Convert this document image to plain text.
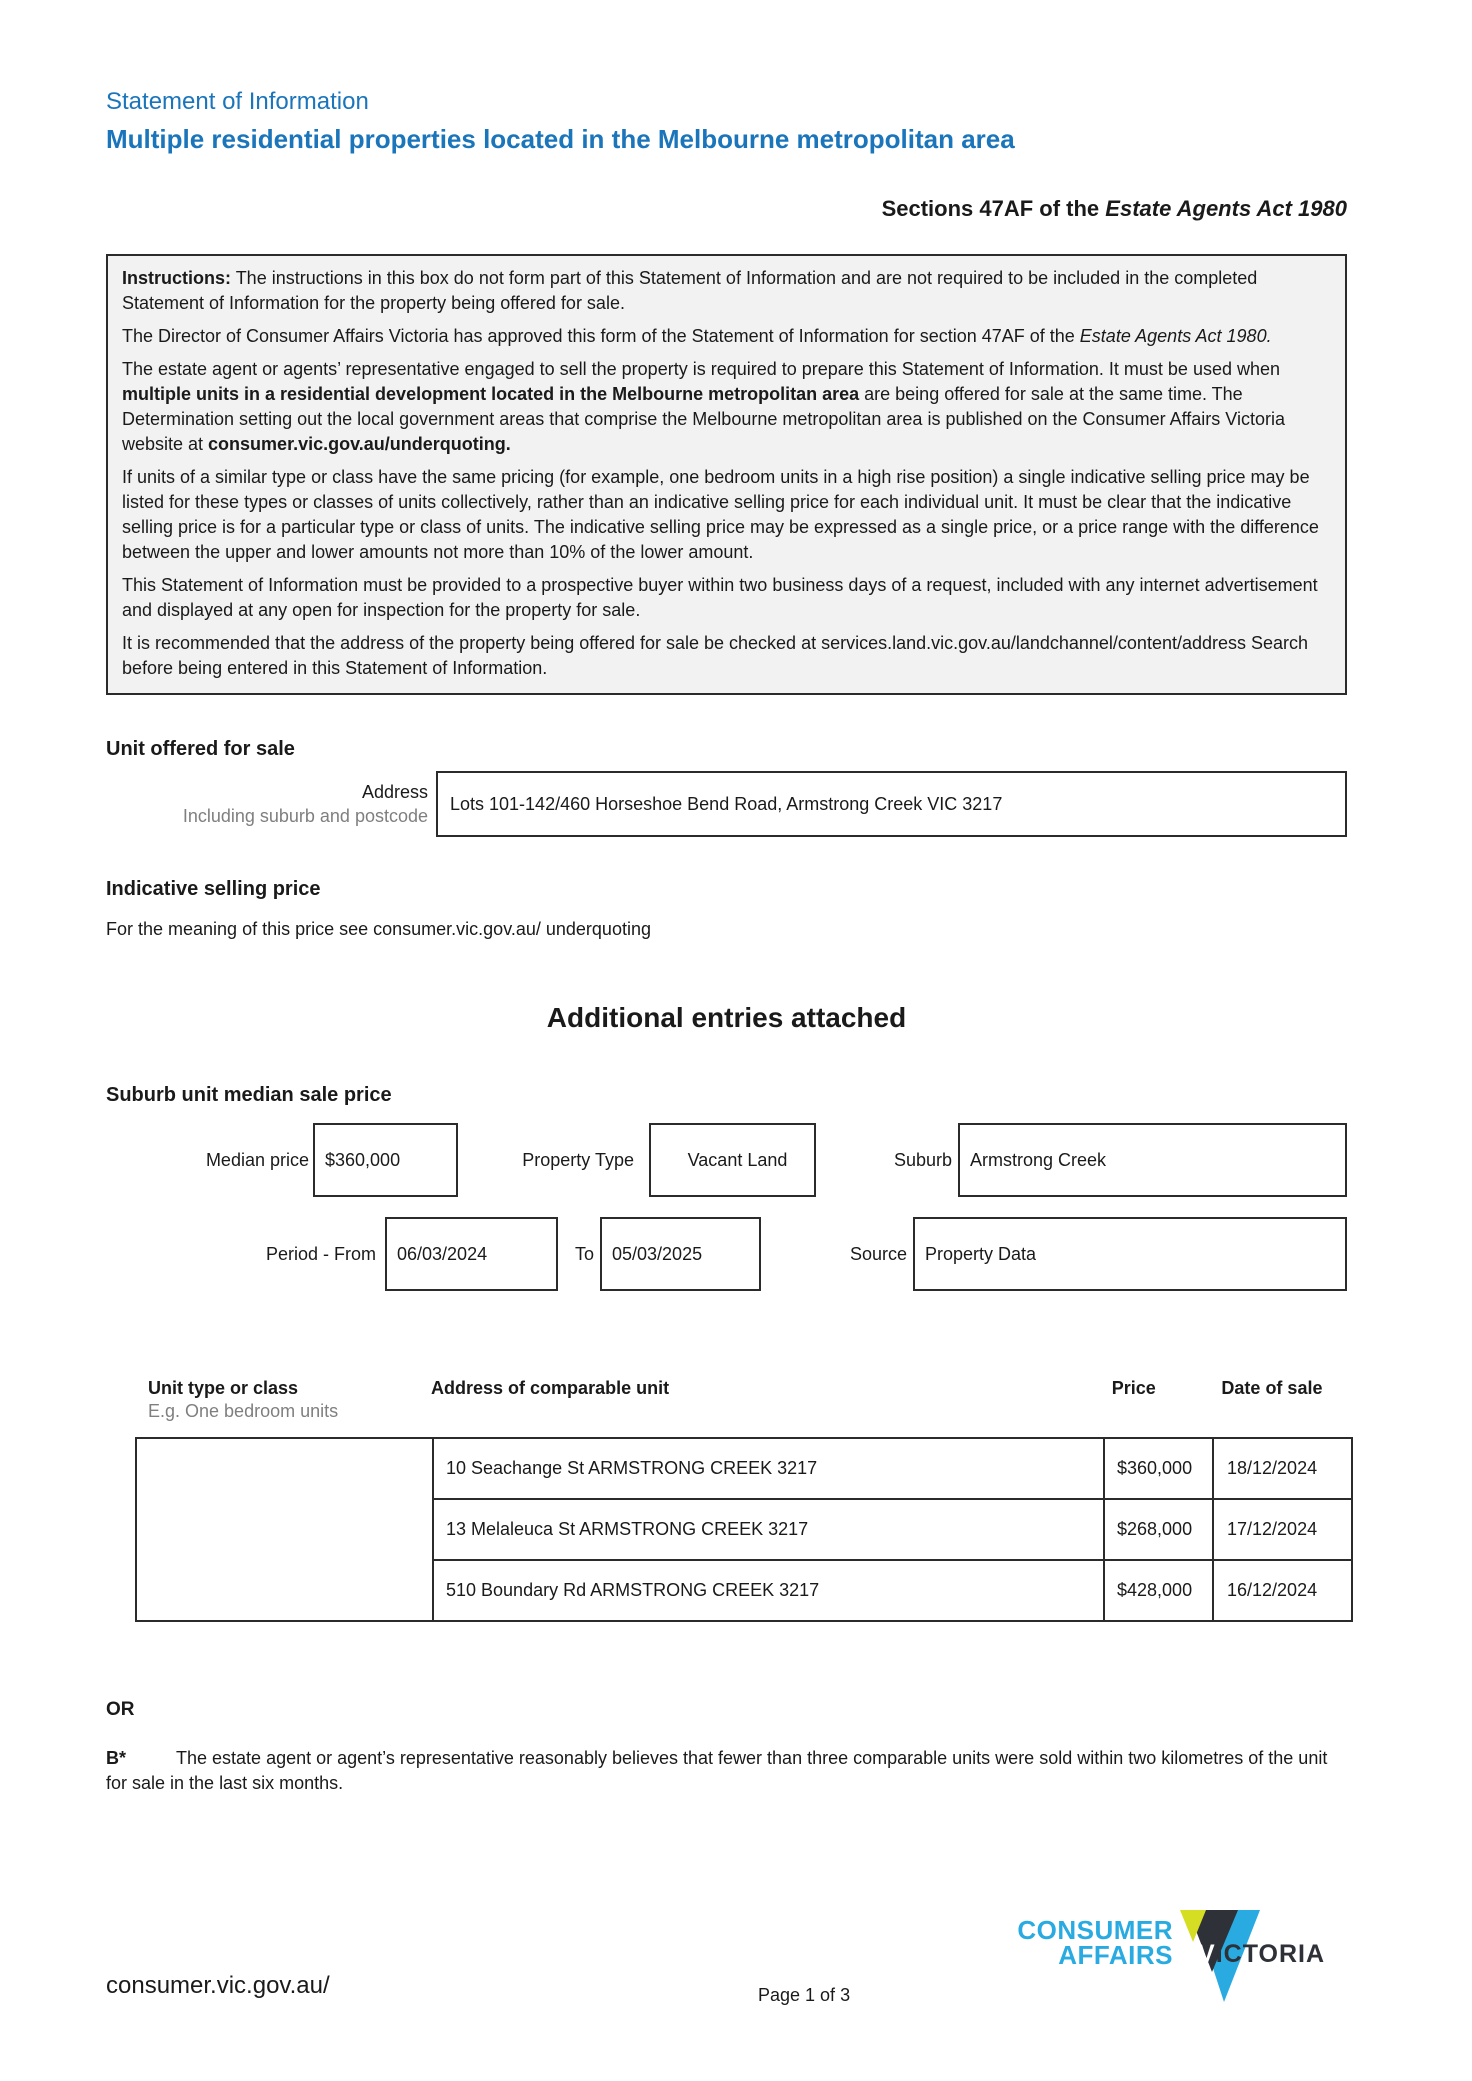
Statement of Information

Multiple residential properties located in the Melbourne metropolitan area
Sections 47AF of the Estate Agents Act 1980

Instructions: The instructions in this box do not form part of this Statement of Information and are not required to be included in the completed Statement of Information for the property being offered for sale.

The Director of Consumer Affairs Victoria has approved this form of the Statement of Information for section 47AF of the Estate Agents Act 1980.

The estate agent or agents’ representative engaged to sell the property is required to prepare this Statement of Information. It must be used when multiple units in a residential development located in the Melbourne metropolitan area are being offered for sale at the same time. The Determination setting out the local government areas that comprise the Melbourne metropolitan area is published on the Consumer Affairs Victoria website at consumer.vic.gov.au/underquoting.

If units of a similar type or class have the same pricing (for example, one bedroom units in a high rise position) a single indicative selling price may be listed for these types or classes of units collectively, rather than an indicative selling price for each individual unit. It must be clear that the indicative selling price is for a particular type or class of units. The indicative selling price may be expressed as a single price, or a price range with the difference between the upper and lower amounts not more than 10% of the lower amount.

This Statement of Information must be provided to a prospective buyer within two business days of a request, included with any internet advertisement and displayed at any open for inspection for the property for sale.

It is recommended that the address of the property being offered for sale be checked at services.land.vic.gov.au/landchannel/content/address Search before being entered in this Statement of Information.

Unit offered for sale
Address
Including suburb and postcode
Lots 101-142/460 Horseshoe Bend Road, Armstrong Creek VIC 3217
Indicative selling price

For the meaning of this price see consumer.vic.gov.au/ underquoting

Additional entries attached
Suburb unit median sale price
Median price $360,000	Property Type	Vacant Land	Suburb	Armstrong Creek
Period - From	06/03/2024	To	05/03/2025	Source	Property Data
Unit type or class
E.g. One bedroom units
Address of comparable unit	Price	Date of sale
	10 Seachange St ARMSTRONG CREEK 3217	$360,000	18/12/2024
	13 Melaleuca St ARMSTRONG CREEK 3217	$268,000	17/12/2024
	510 Boundary Rd ARMSTRONG CREEK 3217	$428,000	16/12/2024
OR

B*	The estate agent or agent’s representative reasonably believes that fewer than three comparable units were sold within two kilometres of the unit for sale in the last six months.

consumer.vic.gov.au/	Page 1 of 3
CONSUMER
AFFAIRS VICTORIA
